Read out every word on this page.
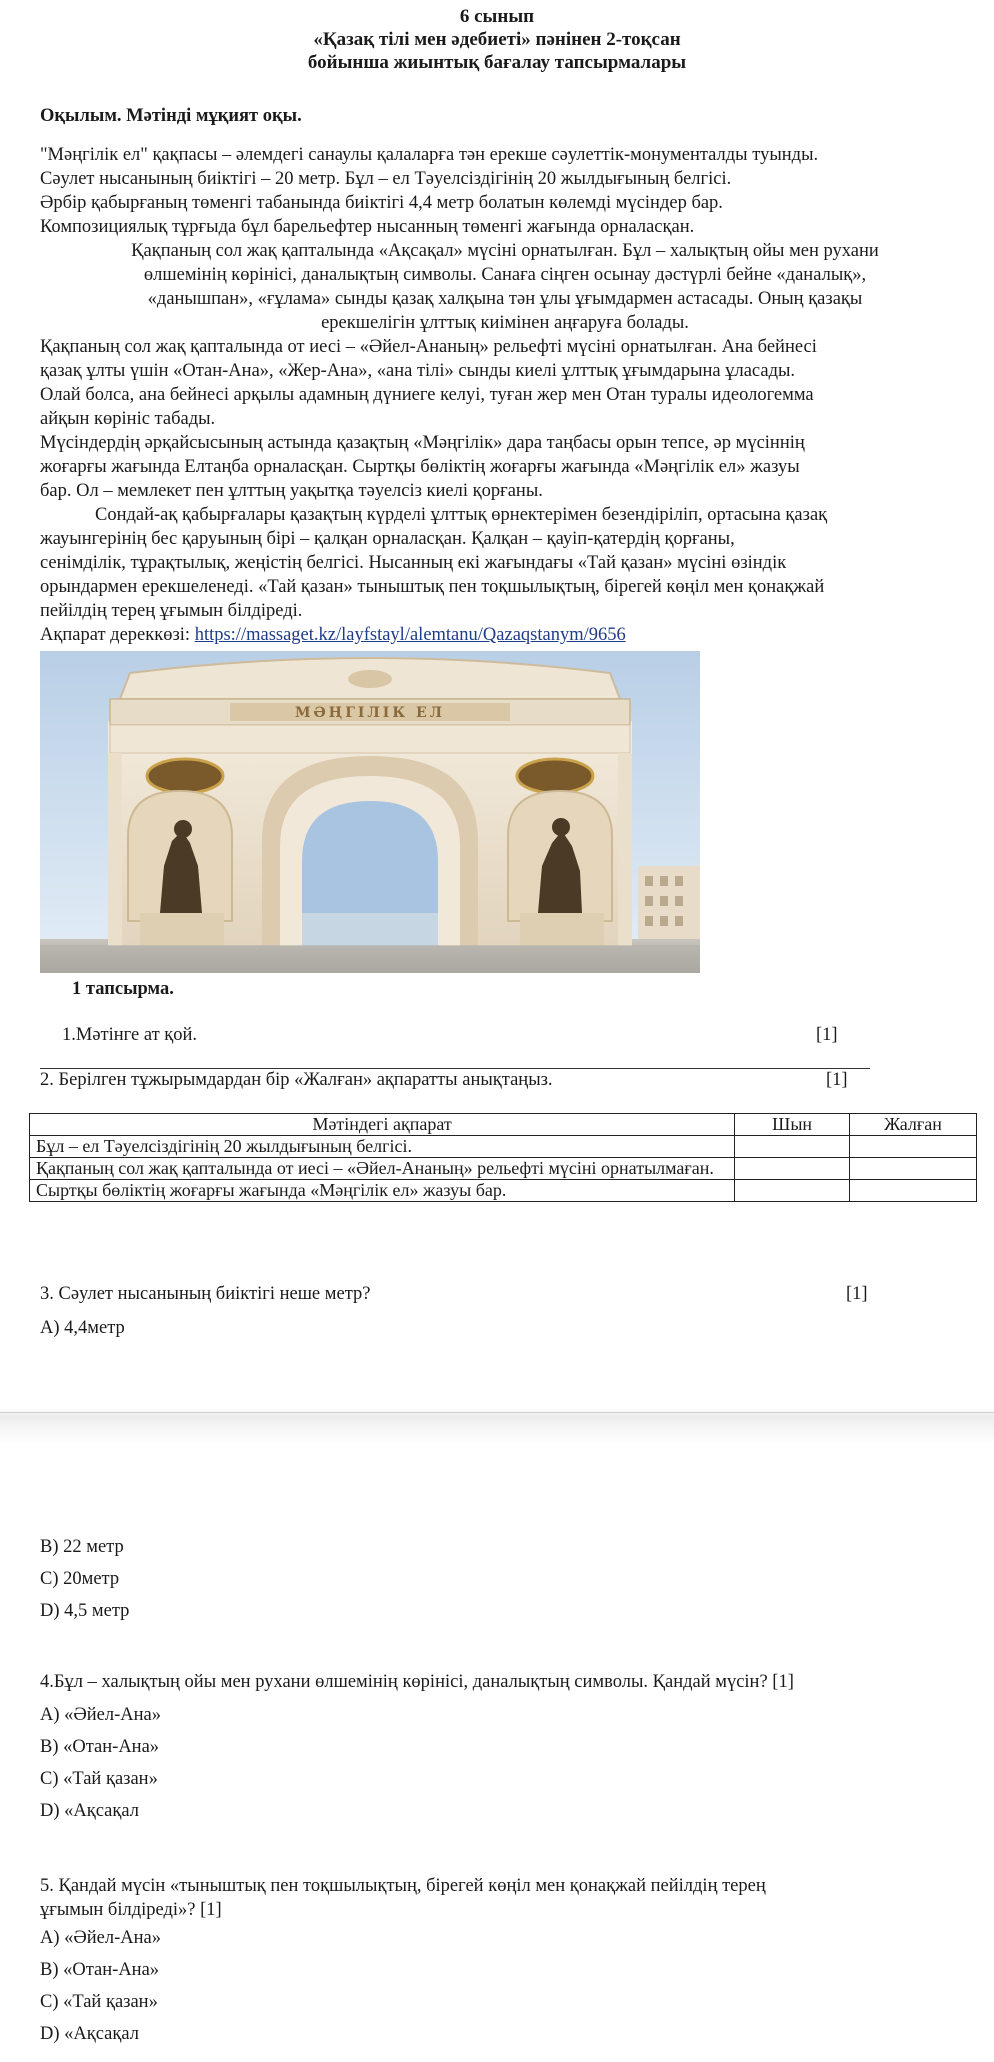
6 сынып
«Қазақ тілі мен әдебиеті» пәнінен 2-тоқсан
бойынша жиынтық бағалау тапсырмалары
Оқылым. Мәтінді мұқият оқы.
"Мәңгілік ел" қақпасы – әлемдегі санаулы қалаларға тән ерекше сәулеттік-монументалды туынды.
Сәулет нысанының биіктігі – 20 метр. Бұл – ел Тәуелсіздігінің 20 жылдығының белгісі.
Әрбір қабырғаның төменгі табанында биіктігі 4,4 метр болатын көлемді мүсіндер бар.
Композициялық тұрғыда бұл барельефтер нысанның төменгі жағында орналасқан.
Қақпаның сол жақ қапталында «Ақсақал» мүсіні орнатылған. Бұл – халықтың ойы мен рухани
өлшемінің көрінісі, даналықтың символы. Санаға сіңген осынау дәстүрлі бейне «даналық»,
«данышпан», «ғұлама» сынды қазақ халқына тән ұлы ұғымдармен астасады. Оның қазақы
ерекшелігін ұлттық киімінен аңғаруға болады.
Қақпаның сол жақ қапталында от иесі – «Әйел-Ананың» рельефті мүсіні орнатылған. Ана бейнесі
қазақ ұлты үшін «Отан-Ана», «Жер-Ана», «ана тілі» сынды киелі ұлттық ұғымдарына ұласады.
Олай болса, ана бейнесі арқылы адамның дүниеге келуі, туған жер мен Отан туралы идеологемма
айқын көрініс табады.
Мүсіндердің әрқайсысының астында қазақтың «Мәңгілік» дара таңбасы орын тепсе, әр мүсіннің
жоғарғы жағында Елтаңба орналасқан. Сыртқы бөліктің жоғарғы жағында «Мәңгілік ел» жазуы
бар. Ол – мемлекет пен ұлттың уақытқа тәуелсіз киелі қорғаны.
Сондай-ақ қабырғалары қазақтың күрделі ұлттық өрнектерімен безендіріліп, ортасына қазақ
жауынгерінің бес қаруының бірі – қалқан орналасқан. Қалқан – қауіп-қатердің қорғаны,
сенімділік, тұрақтылық, жеңістің белгісі. Нысанның екі жағындағы «Тай қазан» мүсіні өзіндік
орындармен ерекшеленеді. «Тай қазан» тыныштық пен тоқшылықтың, бірегей көңіл мен қонақжай
пейілдің терең ұғымын білдіреді.
Ақпарат дереккөзі: https://massaget.kz/layfstayl/alemtanu/Qazaqstanym/9656
МӘҢГІЛІК ЕЛ
1 тапсырма.
1.Мәтінге ат қой.	[1]
2. Берілген тұжырымдардан бір «Жалған» ақпаратты анықтаңыз.	[1]
Мәтіндегі ақпарат	Шын	Жалған
Бұл – ел Тәуелсіздігінің 20 жылдығының белгісі.		
Қақпаның сол жақ қапталында от иесі – «Әйел-Ананың» рельефті мүсіні орнатылмаған.		
Сыртқы бөліктің жоғарғы жағында «Мәңгілік ел» жазуы бар.		
3. Сәулет нысанының биіктігі неше метр?	[1]
A) 4,4метр
B) 22 метр
C) 20метр
D) 4,5 метр
4.Бұл – халықтың ойы мен рухани өлшемінің көрінісі, даналықтың символы. Қандай мүсін? [1]
A) «Әйел-Ана»
B) «Отан-Ана»
C) «Тай қазан»
D) «Ақсақал
5. Қандай мүсін «тыныштық пен тоқшылықтың, бірегей көңіл мен қонақжай пейілдің терең
ұғымын білдіреді»? [1]
A) «Әйел-Ана»
B) «Отан-Ана»
C) «Тай қазан»
D) «Ақсақал
